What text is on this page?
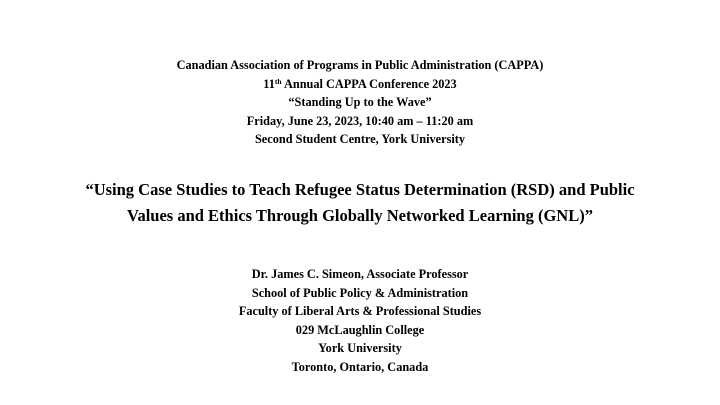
Canadian Association of Programs in Public Administration (CAPPA)
11th Annual CAPPA Conference 2023
“Standing Up to the Wave”
Friday, June 23, 2023, 10:40 am – 11:20 am
Second Student Centre, York University
“Using Case Studies to Teach Refugee Status Determination (RSD) and Public
Values and Ethics Through Globally Networked Learning (GNL)”
Dr. James C. Simeon, Associate Professor
School of Public Policy & Administration
Faculty of Liberal Arts & Professional Studies
029 McLaughlin College
York University
Toronto, Ontario, Canada
